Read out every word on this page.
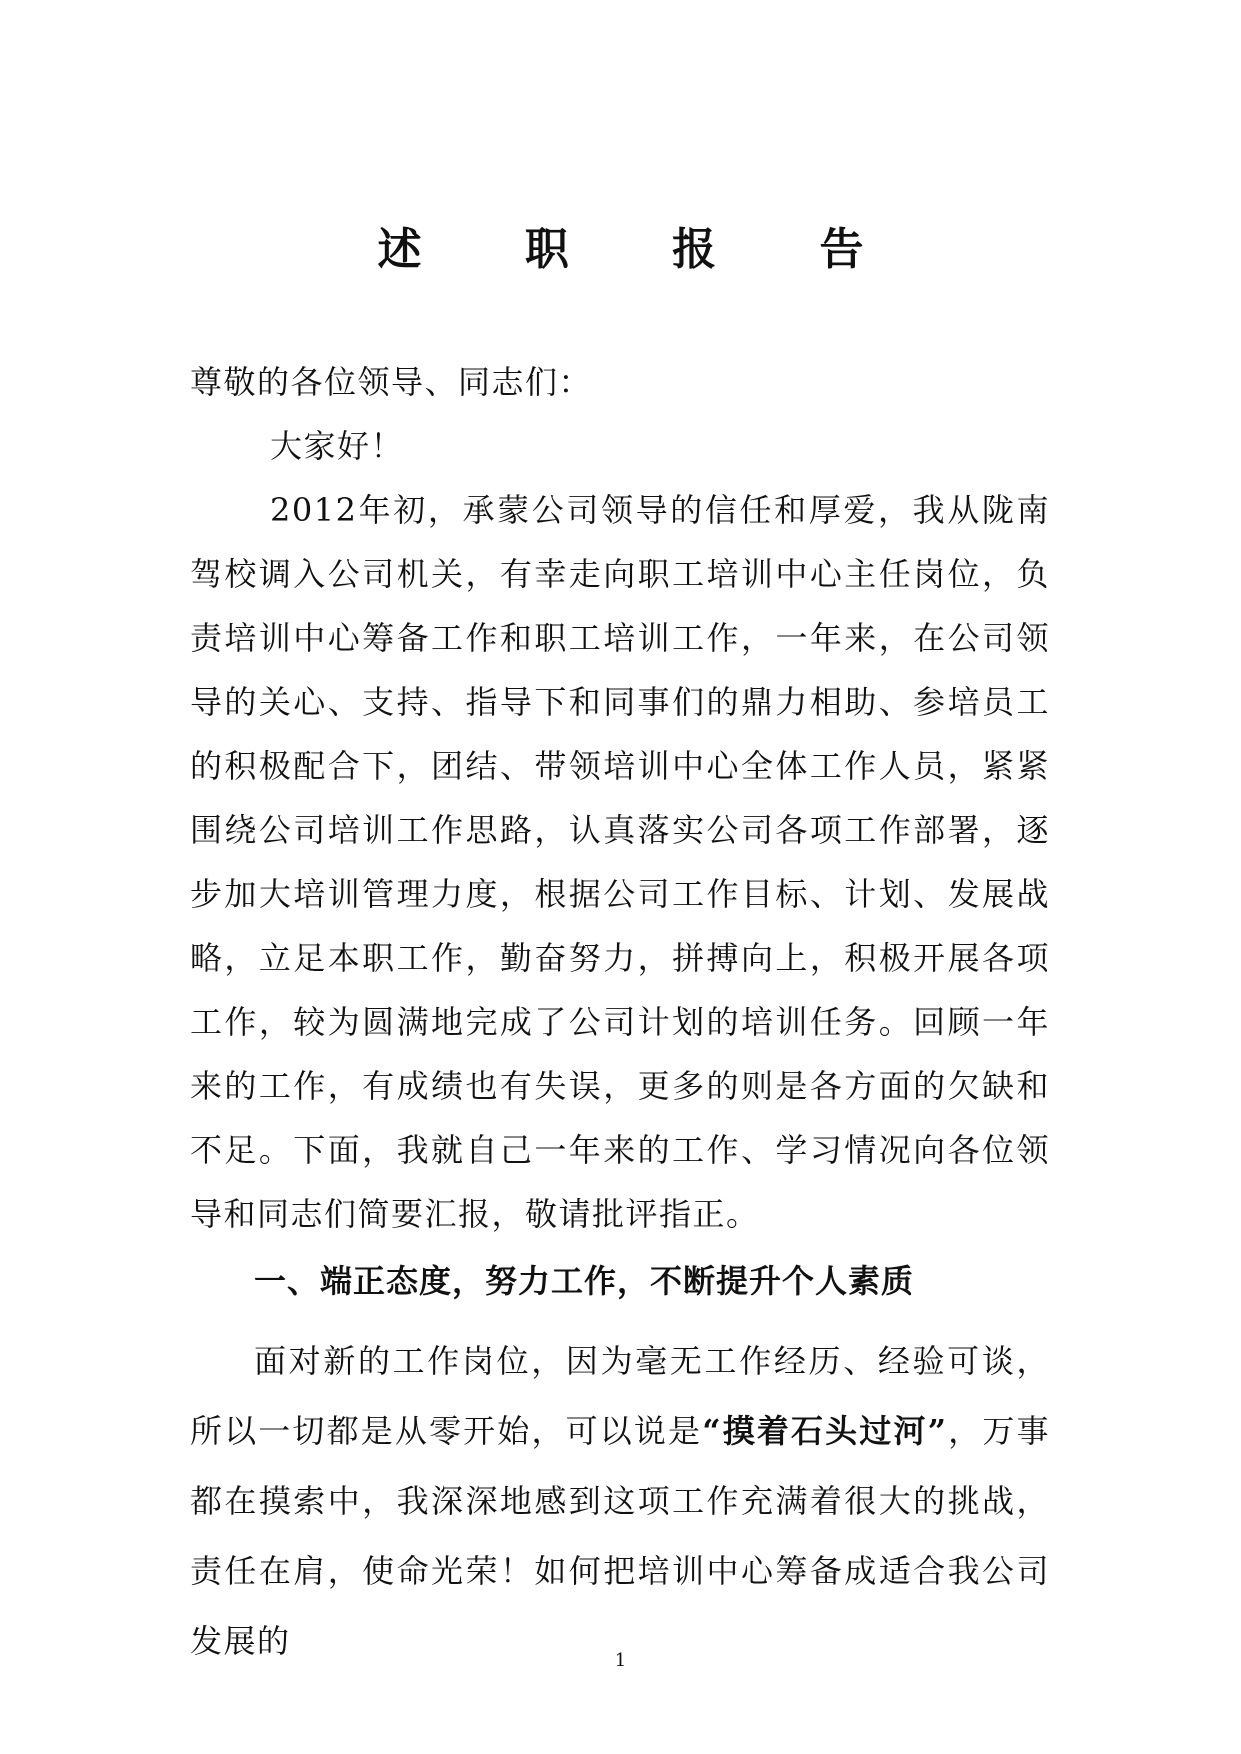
述 职 报 告
尊敬的各位领导、同志们：
大家好！
2012年初，承蒙公司领导的信任和厚爱，我从陇南驾校调入公司机关，有幸走向职工培训中心主任岗位，负责培训中心筹备工作和职工培训工作，一年来，在公司领导的关心、支持、指导下和同事们的鼎力相助、参培员工的积极配合下，团结、带领培训中心全体工作人员，紧紧围绕公司培训工作思路，认真落实公司各项工作部署，逐步加大培训管理力度，根据公司工作目标、计划、发展战略，立足本职工作，勤奋努力，拼搏向上，积极开展各项工作，较为圆满地完成了公司计划的培训任务。回顾一年来的工作，有成绩也有失误，更多的则是各方面的欠缺和不足。下面，我就自己一年来的工作、学习情况向各位领导和同志们简要汇报，敬请批评指正。
一、端正态度，努力工作，不断提升个人素质
面对新的工作岗位，因为毫无工作经历、经验可谈，所以一切都是从零开始，可以说是“摸着石头过河”，万事都在摸索中，我深深地感到这项工作充满着很大的挑战，责任在肩，使命光荣！如何把培训中心筹备成适合我公司发展的
1
